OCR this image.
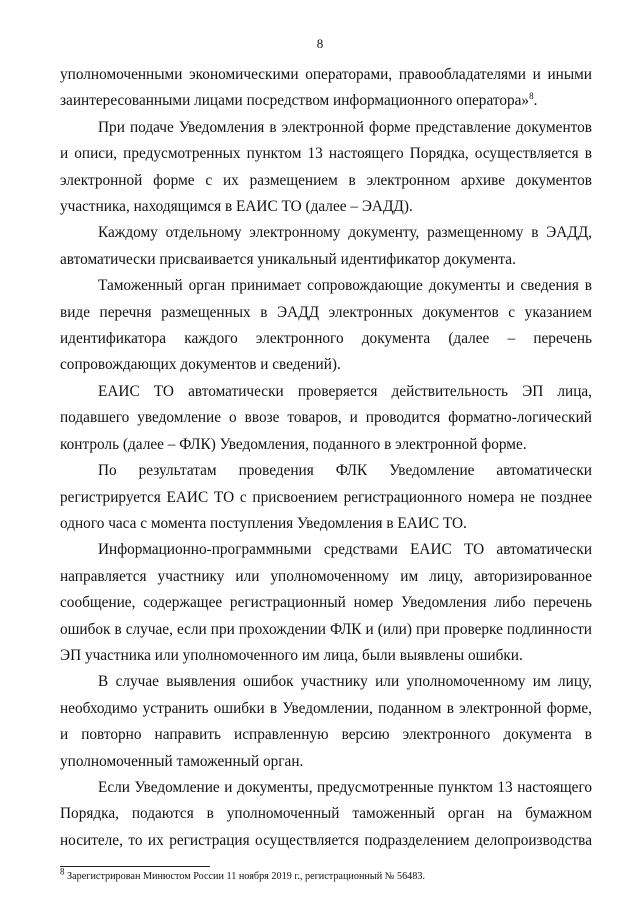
8

уполномоченными экономическими операторами, правообладателями и иными заинтересованными лицами посредством информационного оператора»$^8$.

При подаче Уведомления в электронной форме представление документов и описи, предусмотренных пунктом 13 настоящего Порядка, осуществляется в электронной форме с их размещением в электронном архиве документов участника, находящимся в ЕАИС ТО (далее – ЭАДД).

Каждому отдельному электронному документу, размещенному в ЭАДД, автоматически присваивается уникальный идентификатор документа.

Таможенный орган принимает сопровождающие документы и сведения в виде перечня размещенных в ЭАДД электронных документов с указанием идентификатора каждого электронного документа (далее – перечень сопровождающих документов и сведений).

ЕАИС ТО автоматически проверяется действительность ЭП лица, подавшего уведомление о ввозе товаров, и проводится форматно-логический контроль (далее – ФЛК) Уведомления, поданного в электронной форме.

По результатам проведения ФЛК Уведомление автоматически регистрируется ЕАИС ТО с присвоением регистрационного номера не позднее одного часа с момента поступления Уведомления в ЕАИС ТО.

Информационно-программными средствами ЕАИС ТО автоматически направляется участнику или уполномоченному им лицу, авторизированное сообщение, содержащее регистрационный номер Уведомления либо перечень ошибок в случае, если при прохождении ФЛК и (или) при проверке подлинности ЭП участника или уполномоченного им лица, были выявлены ошибки.

В случае выявления ошибок участнику или уполномоченному им лицу, необходимо устранить ошибки в Уведомлении, поданном в электронной форме, и повторно направить исправленную версию электронного документа в уполномоченный таможенный орган.

Если Уведомление и документы, предусмотренные пунктом 13 настоящего Порядка, подаются в уполномоченный таможенный орган на бумажном носителе, то их регистрация осуществляется подразделением делопроизводства

$^8$ Зарегистрирован Минюстом России 11 ноября 2019 г., регистрационный № 56483.
